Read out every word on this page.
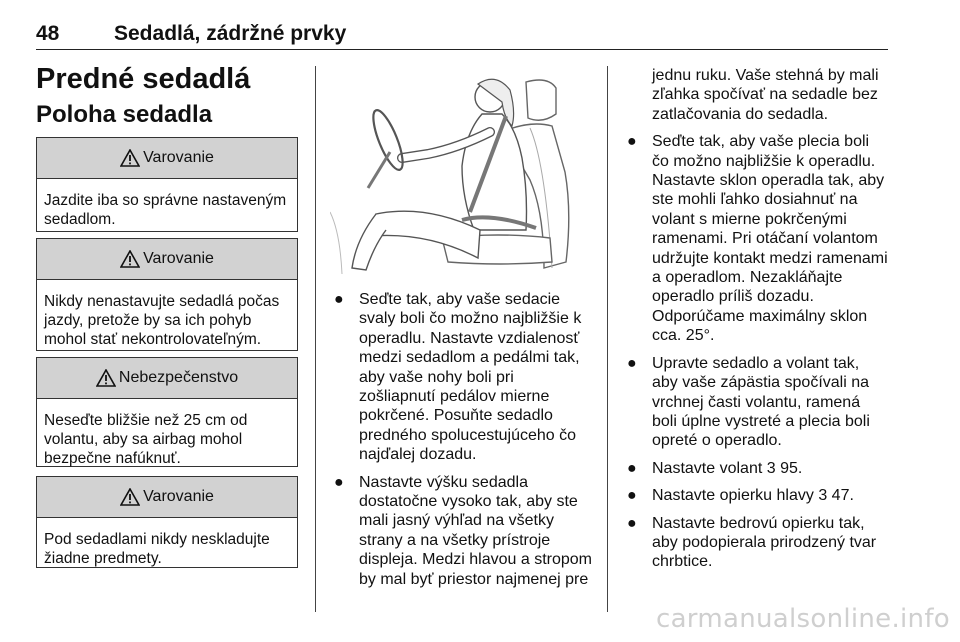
48	Sedadlá, zádržné prvky
Predné sedadlá
Poloha sedadla
Varovanie
Jazdite iba so správne nastaveným sedadlom.
Varovanie
Nikdy nenastavujte sedadlá počas jazdy, pretože by sa ich pohyb mohol stať nekontrolovateľným.
Nebezpečenstvo
Neseďte bližšie než 25 cm od volantu, aby sa airbag mohol bezpečne nafúknuť.
Varovanie
Pod sedadlami nikdy neskladujte žiadne predmety.
● Seďte tak, aby vaše sedacie svaly boli čo možno najbližšie k operadlu. Nastavte vzdialenosť medzi sedadlom a pedálmi tak, aby vaše nohy boli pri zošliapnutí pedálov mierne pokrčené. Posuňte sedadlo predného spolucestujúceho čo najďalej dozadu.
● Nastavte výšku sedadla dostatočne vysoko tak, aby ste mali jasný výhľad na všetky strany a na všetky prístroje displeja. Medzi hlavou a stropom by mal byť priestor najmenej pre
jednu ruku. Vaše stehná by mali zľahka spočívať na sedadle bez zatlačovania do sedadla.
● Seďte tak, aby vaše plecia boli čo možno najbližšie k operadlu. Nastavte sklon operadla tak, aby ste mohli ľahko dosiahnuť na volant s mierne pokrčenými ramenami. Pri otáčaní volantom udržujte kontakt medzi ramenami a operadlom. Nezakláňajte operadlo príliš dozadu. Odporúčame maximálny sklon cca. 25°.
● Upravte sedadlo a volant tak, aby vaše zápästia spočívali na vrchnej časti volantu, ramená boli úplne vystreté a plecia boli opreté o operadlo.
● Nastavte volant 3 95.
● Nastavte opierku hlavy 3 47.
● Nastavte bedrovú opierku tak, aby podopierala prirodzený tvar chrbtice.
carmanualsonline.info
